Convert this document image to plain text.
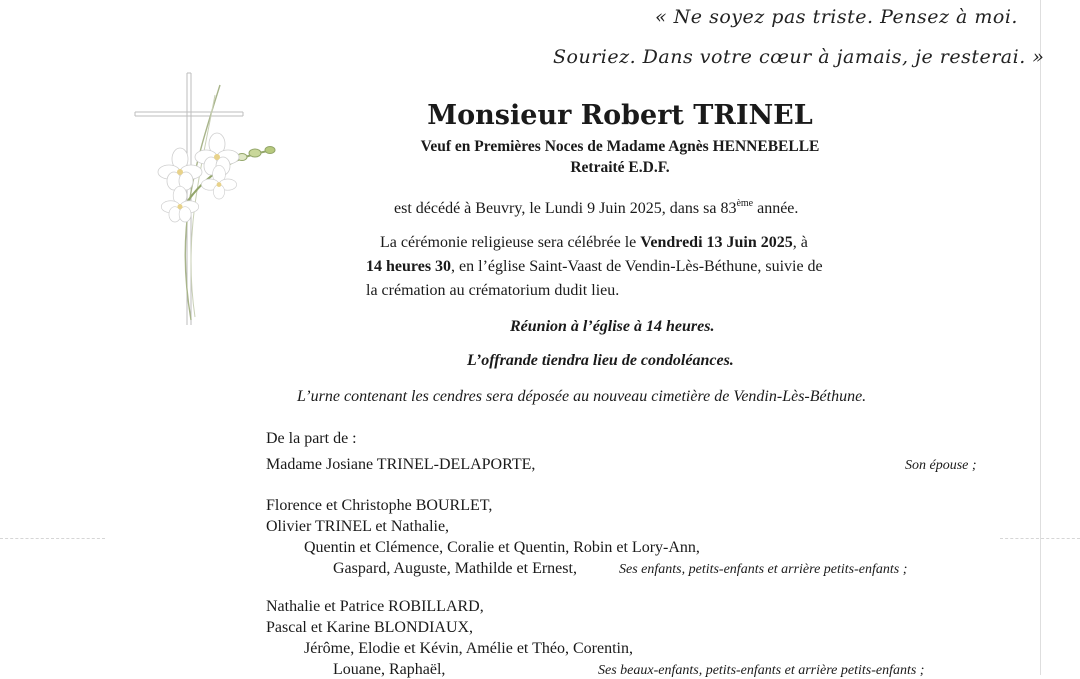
« Ne soyez pas triste. Pensez à moi.
Souriez. Dans votre cœur à jamais, je resterai. »
Monsieur Robert TRINEL
Veuf en Premières Noces de Madame Agnès HENNEBELLE
Retraité E.D.F.
est décédé à Beuvry, le Lundi 9 Juin 2025, dans sa 83ème année.
La cérémonie religieuse sera célébrée le Vendredi 13 Juin 2025, à
14 heures 30, en l’église Saint-Vaast de Vendin-Lès-Béthune, suivie de
la crémation au crématorium dudit lieu.
Réunion à l’église à 14 heures.
L’offrande tiendra lieu de condoléances.
L’urne contenant les cendres sera déposée au nouveau cimetière de Vendin-Lès-Béthune.
De la part de :
Madame Josiane TRINEL-DELAPORTE,	Son épouse ;
Florence et Christophe BOURLET,
Olivier TRINEL et Nathalie,
Quentin et Clémence, Coralie et Quentin, Robin et Lory-Ann,
Gaspard, Auguste, Mathilde et Ernest,	Ses enfants, petits-enfants et arrière petits-enfants ;
Nathalie et Patrice ROBILLARD,
Pascal et Karine BLONDIAUX,
Jérôme, Elodie et Kévin, Amélie et Théo, Corentin,
Louane, Raphaël,	Ses beaux-enfants, petits-enfants et arrière petits-enfants ;
